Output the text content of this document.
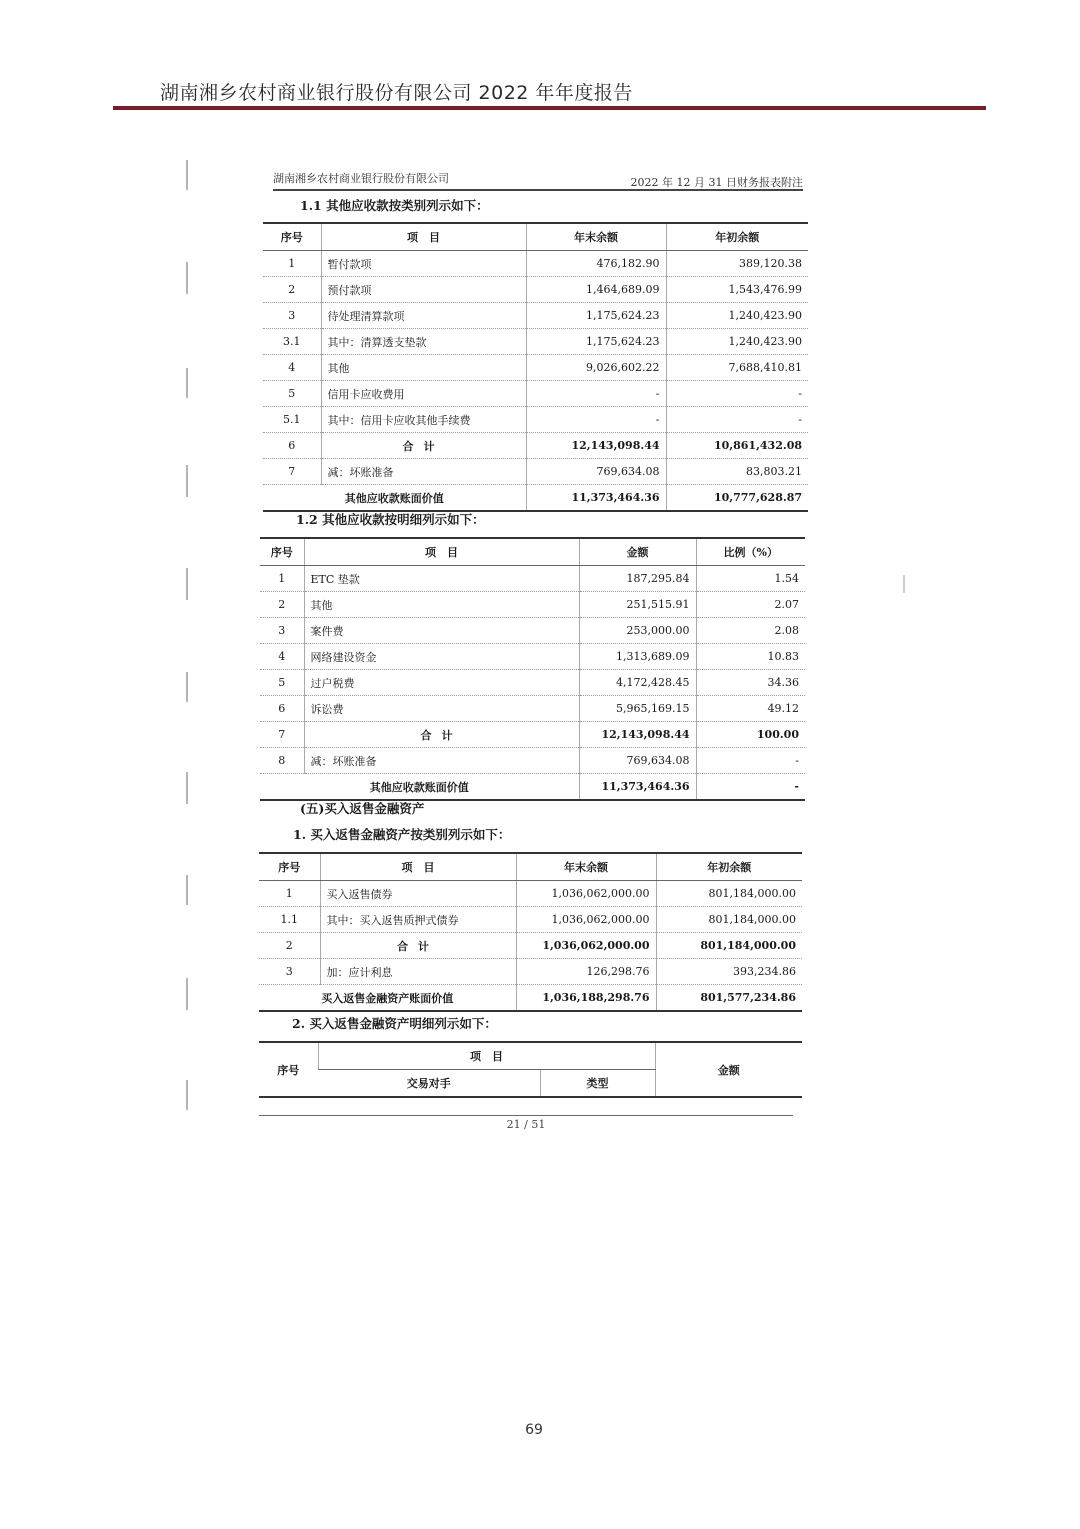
湖南湘乡农村商业银行股份有限公司 2022 年年度报告
湖南湘乡农村商业银行股份有限公司	2022 年 12 月 31 日财务报表附注
1.1 其他应收款按类别列示如下：
序号	项　目	年末余额	年初余额
1	暂付款项	476,182.90	389,120.38
2	预付款项	1,464,689.09	1,543,476.99
3	待处理清算款项	1,175,624.23	1,240,423.90
3.1	其中：清算透支垫款	1,175,624.23	1,240,423.90
4	其他	9,026,602.22	7,688,410.81
5	信用卡应收费用	-	-
5.1	其中：信用卡应收其他手续费	-	-
6	合计	12,143,098.44	10,861,432.08
7	减：坏账准备	769,634.08	83,803.21
其他应收款账面价值		11,373,464.36	10,777,628.87
1.2 其他应收款按明细列示如下：
序号	项　目	金额	比例（%）
1	ETC 垫款	187,295.84	1.54
2	其他	251,515.91	2.07
3	案件费	253,000.00	2.08
4	网络建设资金	1,313,689.09	10.83
5	过户税费	4,172,428.45	34.36
6	诉讼费	5,965,169.15	49.12
7	合计	12,143,098.44	100.00
8	减：坏账准备	769,634.08	-
其他应收款账面价值		11,373,464.36	-
(五)买入返售金融资产
1. 买入返售金融资产按类别列示如下：
序号	项　目	年末余额	年初余额
1	买入返售债券	1,036,062,000.00	801,184,000.00
1.1	其中：买入返售质押式债券	1,036,062,000.00	801,184,000.00
2	合计	1,036,062,000.00	801,184,000.00
3	加：应计利息	126,298.76	393,234.86
买入返售金融资产账面价值		1,036,188,298.76	801,577,234.86
2. 买入返售金融资产明细列示如下：
序号	项　目		金额
	交易对手	类型	
21 / 51
69
